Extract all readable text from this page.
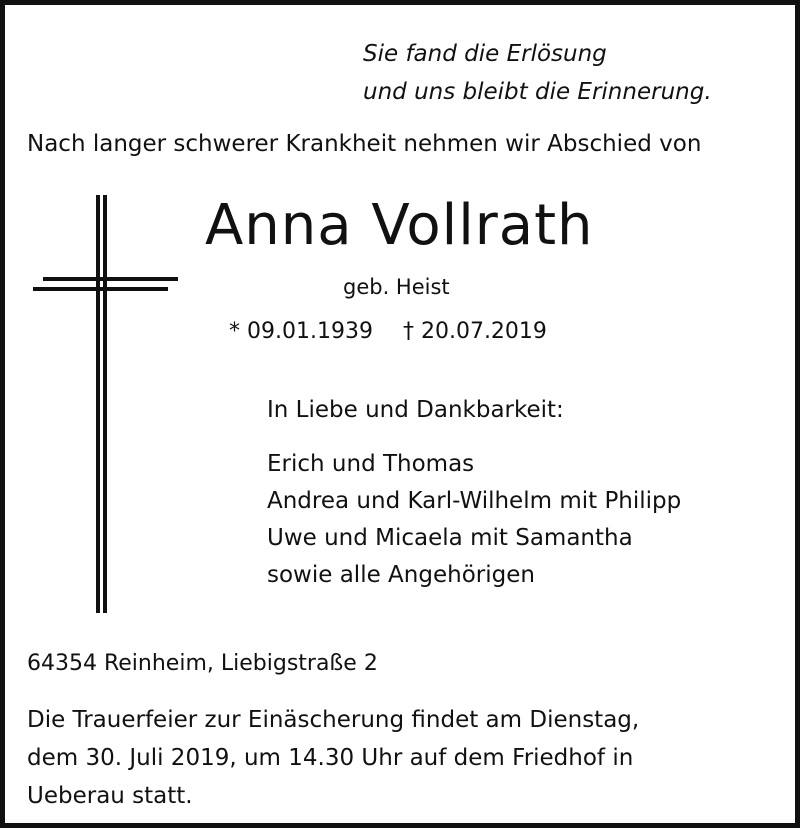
Sie fand die Erlösung
und uns bleibt die Erinnerung.
Nach langer schwerer Krankheit nehmen wir Abschied von
Anna Vollrath
geb. Heist
* 09.01.1939 † 20.07.2019
In Liebe und Dankbarkeit:
Erich und Thomas
Andrea und Karl-Wilhelm mit Philipp
Uwe und Micaela mit Samantha
sowie alle Angehörigen
64354 Reinheim, Liebigstraße 2
Die Trauerfeier zur Einäscherung findet am Dienstag,
dem 30. Juli 2019, um 14.30 Uhr auf dem Friedhof in
Ueberau statt.
